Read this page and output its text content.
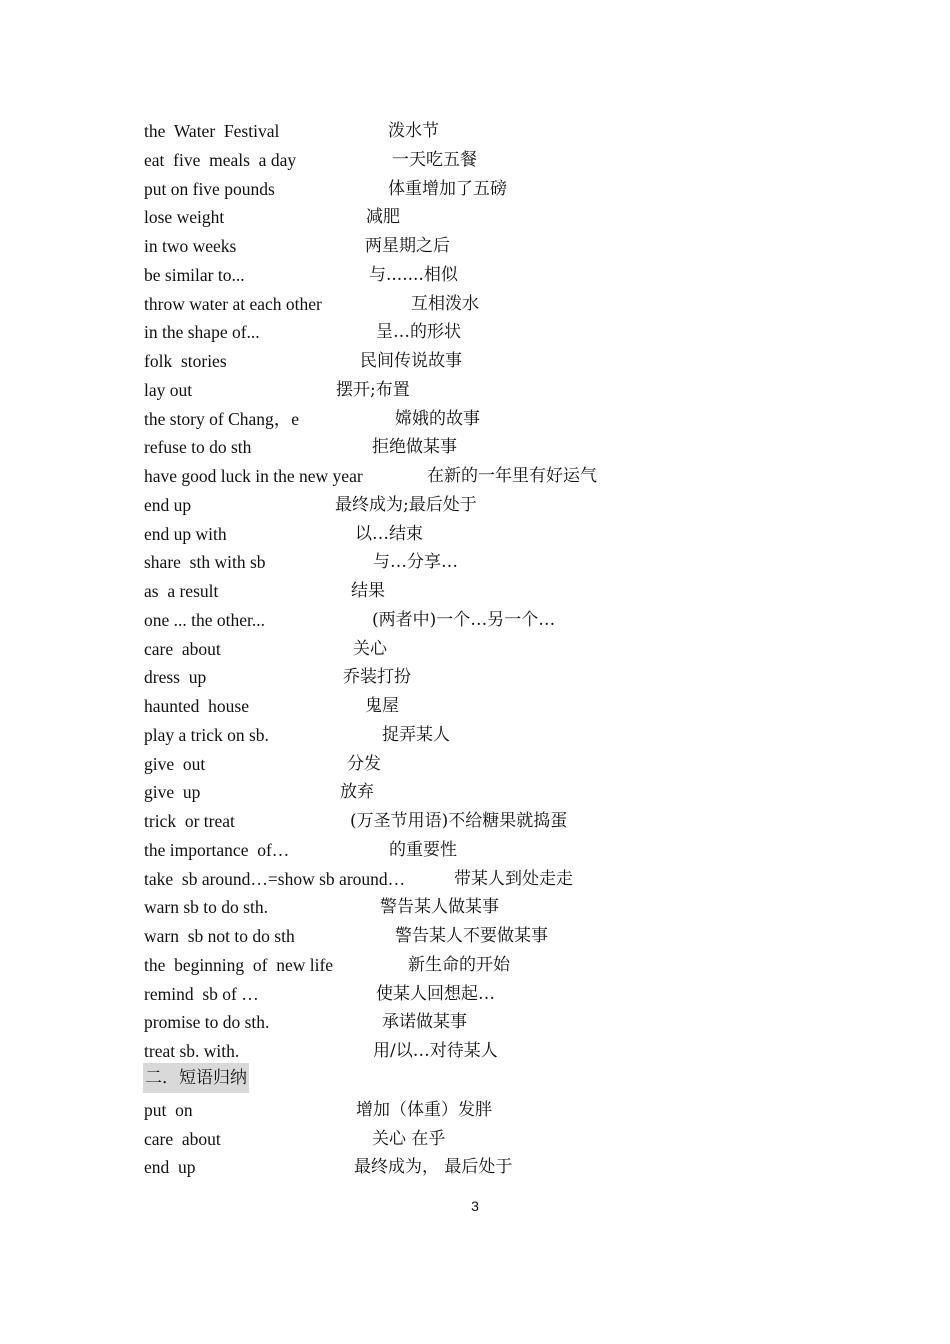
the  Water  Festival	泼水节
eat  five  meals  a day	一天吃五餐
put on five pounds	体重增加了五磅
lose weight	减肥
in two weeks	两星期之后
be similar to...	与.......相似
throw water at each other	互相泼水
in the shape of...	呈…的形状
folk  stories	民间传说故事
lay out	摆开;布置
the story of Chang，e	嫦娥的故事
refuse to do sth	拒绝做某事
have good luck in the new year	在新的一年里有好运气
end up	最终成为;最后处于
end up with	以…结束
share  sth with sb	与…分享…
as  a result	结果
one ... the other...	(两者中)一个…另一个…
care  about	关心
dress  up	乔装打扮
haunted  house	鬼屋
play a trick on sb.	捉弄某人
give  out	分发
give  up	放弃
trick  or treat	(万圣节用语)不给糖果就捣蛋
the importance  of…	的重要性
take  sb around…=show sb around…	带某人到处走走
warn sb to do sth.	警告某人做某事
warn  sb not to do sth	警告某人不要做某事
the  beginning  of  new life	新生命的开始
remind  sb of …	使某人回想起…
promise to do sth.	承诺做某事
treat sb. with.	用/以…对待某人
二．短语归纳
put  on	增加（体重）发胖
care  about	关心 在乎
end  up	最终成为， 最后处于
3
